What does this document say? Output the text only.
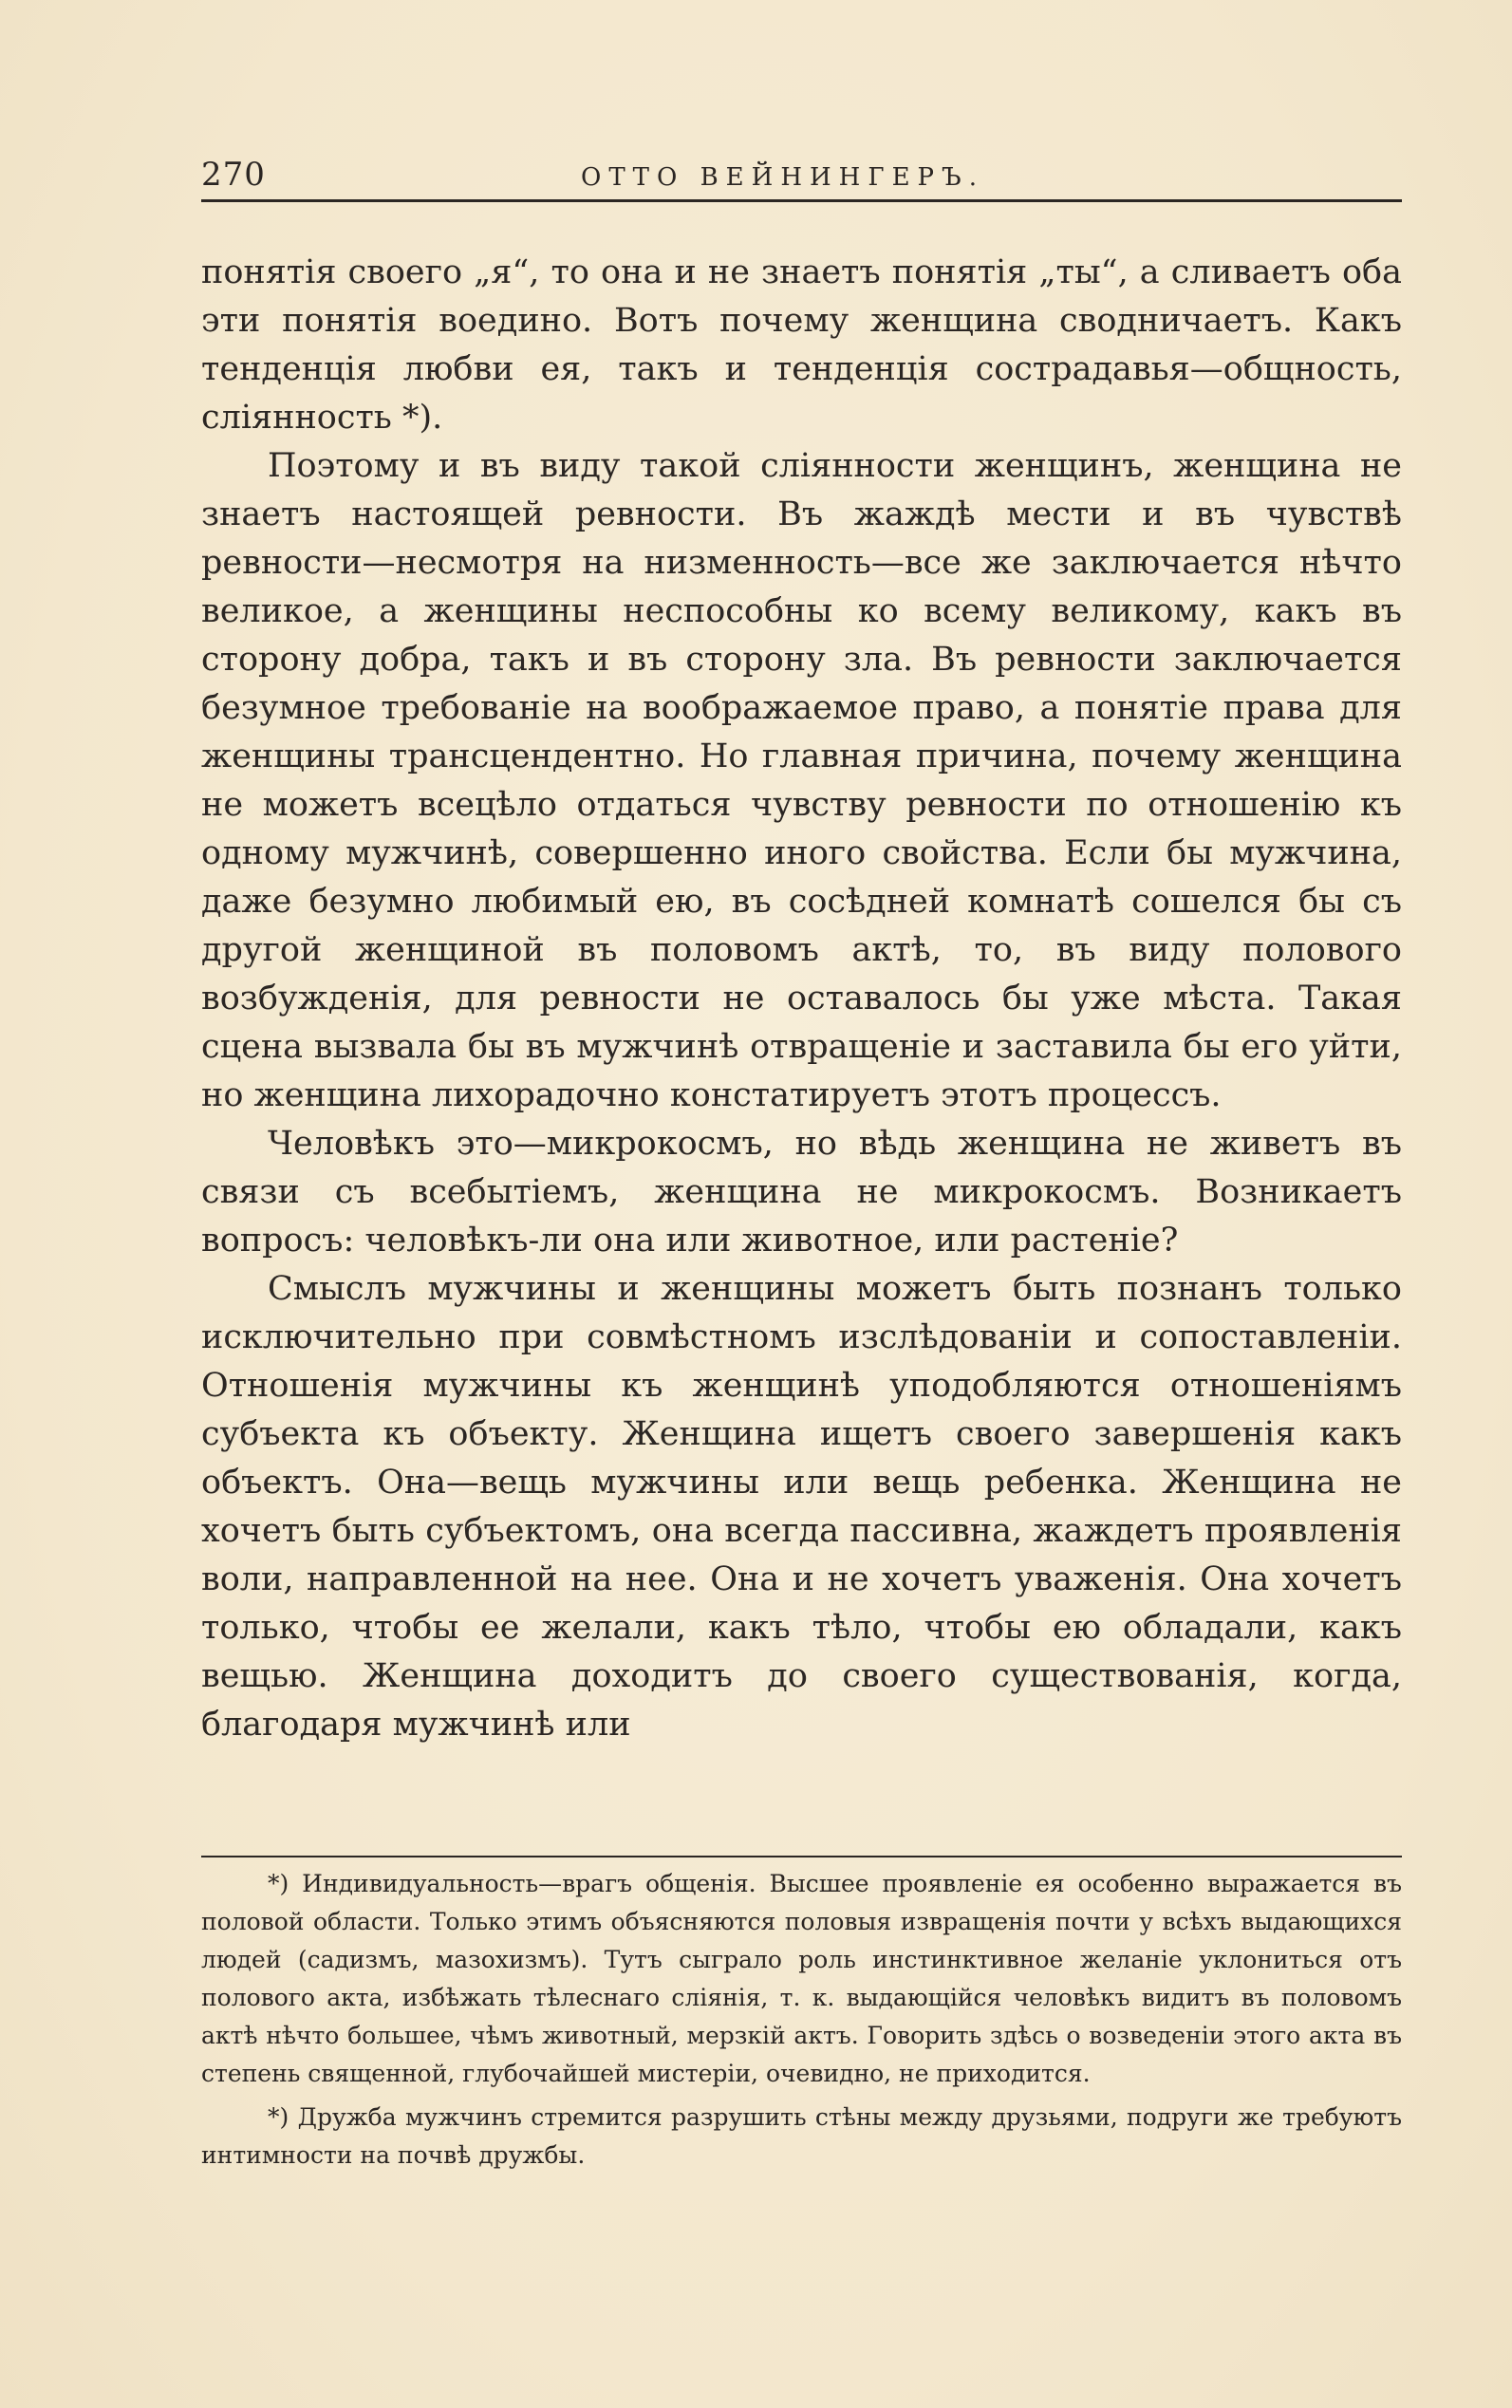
270	ОТТО ВЕЙНИНГЕРЪ.

понятія своего „я“, то она и не знаетъ понятія „ты“, а сливаетъ оба эти понятія воедино. Вотъ почему женщина сводничаетъ. Какъ тенденція любви ея, такъ и тенденція сострадавья—общность, сліянность *).

Поэтому и въ виду такой сліянности женщинъ, женщина не знаетъ настоящей ревности. Въ жаждѣ мести и въ чувствѣ ревности—несмотря на низменность—все же заключается нѣчто великое, а женщины неспособны ко всему великому, какъ въ сторону добра, такъ и въ сторону зла. Въ ревности заключается безумное требованіе на воображаемое право, а понятіе права для женщины трансцендентно. Но главная причина, почему женщина не можетъ всецѣло отдаться чувству ревности по отношенію къ одному мужчинѣ, совершенно иного свойства. Если бы мужчина, даже безумно любимый ею, въ сосѣдней комнатѣ сошелся бы съ другой женщиной въ половомъ актѣ, то, въ виду полового возбужденія, для ревности не оставалось бы уже мѣста. Такая сцена вызвала бы въ мужчинѣ отвращеніе и заставила бы его уйти, но женщина лихорадочно констатируетъ этотъ процессъ.

Человѣкъ это—микрокосмъ, но вѣдь женщина не живетъ въ связи съ всебытіемъ, женщина не микрокосмъ. Возникаетъ вопросъ: человѣкъ-ли она или животное, или растеніе?

Смыслъ мужчины и женщины можетъ быть познанъ только исключительно при совмѣстномъ изслѣдованіи и сопоставленіи. Отношенія мужчины къ женщинѣ уподобляются отношеніямъ субъекта къ объекту. Женщина ищетъ своего завершенія какъ объектъ. Она—вещь мужчины или вещь ребенка. Женщина не хочетъ быть субъектомъ, она всегда пассивна, жаждетъ проявленія воли, направленной на нее. Она и не хочетъ уваженія. Она хочетъ только, чтобы ее желали, какъ тѣло, чтобы ею обладали, какъ вещью. Женщина доходитъ до своего существованія, когда, благодаря мужчинѣ или

*) Индивидуальность—врагъ общенія. Высшее проявленіе ея особенно выражается въ половой области. Только этимъ объясняются половыя извращенія почти у всѣхъ выдающихся людей (садизмъ, мазохизмъ). Тутъ сыграло роль инстинктивное желаніе уклониться отъ полового акта, избѣжать тѣлеснаго сліянія, т. к. выдающійся человѣкъ видитъ въ половомъ актѣ нѣчто большее, чѣмъ животный, мерзкій актъ. Говорить здѣсь о возведеніи этого акта въ степень священной, глубочайшей мистеріи, очевидно, не приходится.

*) Дружба мужчинъ стремится разрушить стѣны между друзьями, подруги же требуютъ интимности на почвѣ дружбы.
